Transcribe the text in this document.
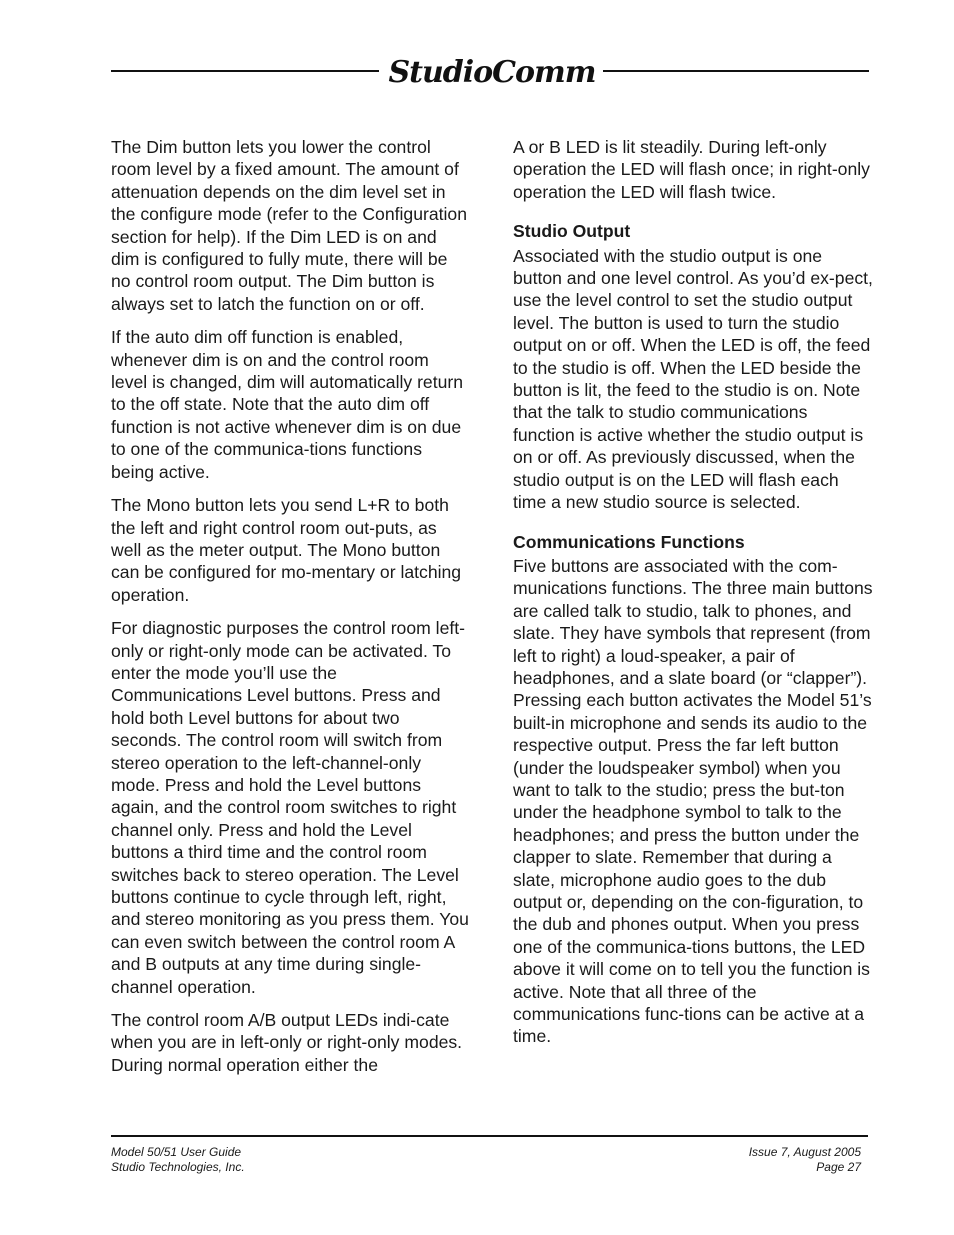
StudioComm

The Dim button lets you lower the control room level by a fixed amount. The amount of attenuation depends on the dim level set in the configure mode (refer to the Configuration section for help). If the Dim LED is on and dim is configured to fully mute, there will be no control room output. The Dim button is always set to latch the function on or off.

If the auto dim off function is enabled, whenever dim is on and the control room level is changed, dim will automatically return to the off state. Note that the auto dim off function is not active whenever dim is on due to one of the communica-tions functions being active.

The Mono button lets you send L+R to both the left and right control room out-puts, as well as the meter output. The Mono button can be configured for mo-mentary or latching operation.

For diagnostic purposes the control room left-only or right-only mode can be activated. To enter the mode you’ll use the Communications Level buttons. Press and hold both Level buttons for about two seconds. The control room will switch from stereo operation to the left-channel-only mode. Press and hold the Level buttons again, and the control room switches to right channel only. Press and hold the Level buttons a third time and the control room switches back to stereo operation. The Level buttons continue to cycle through left, right, and stereo monitoring as you press them. You can even switch between the control room A and B outputs at any time during single-channel operation.

The control room A/B output LEDs indi-cate when you are in left-only or right-only modes. During normal operation either the

A or B LED is lit steadily. During left-only operation the LED will flash once; in right-only operation the LED will flash twice.

Studio Output

Associated with the studio output is one button and one level control. As you’d ex-pect, use the level control to set the studio output level. The button is used to turn the studio output on or off. When the LED is off, the feed to the studio is off. When the LED beside the button is lit, the feed to the studio is on. Note that the talk to studio communications function is active whether the studio output is on or off. As previously discussed, when the studio output is on the LED will flash each time a new studio source is selected.

Communications Functions

Five buttons are associated with the com-munications functions. The three main buttons are called talk to studio, talk to phones, and slate. They have symbols that represent (from left to right) a loud-speaker, a pair of headphones, and a slate board (or “clapper”). Pressing each button activates the Model 51’s built-in microphone and sends its audio to the respective output. Press the far left button (under the loudspeaker symbol) when you want to talk to the studio; press the but-ton under the headphone symbol to talk to the headphones; and press the button under the clapper to slate. Remember that during a slate, microphone audio goes to the dub output or, depending on the con-figuration, to the dub and phones output. When you press one of the communica-tions buttons, the LED above it will come on to tell you the function is active. Note that all three of the communications func-tions can be active at a time.

Model 50/51 User Guide
Studio Technologies, Inc.
Issue 7, August 2005
Page 27
